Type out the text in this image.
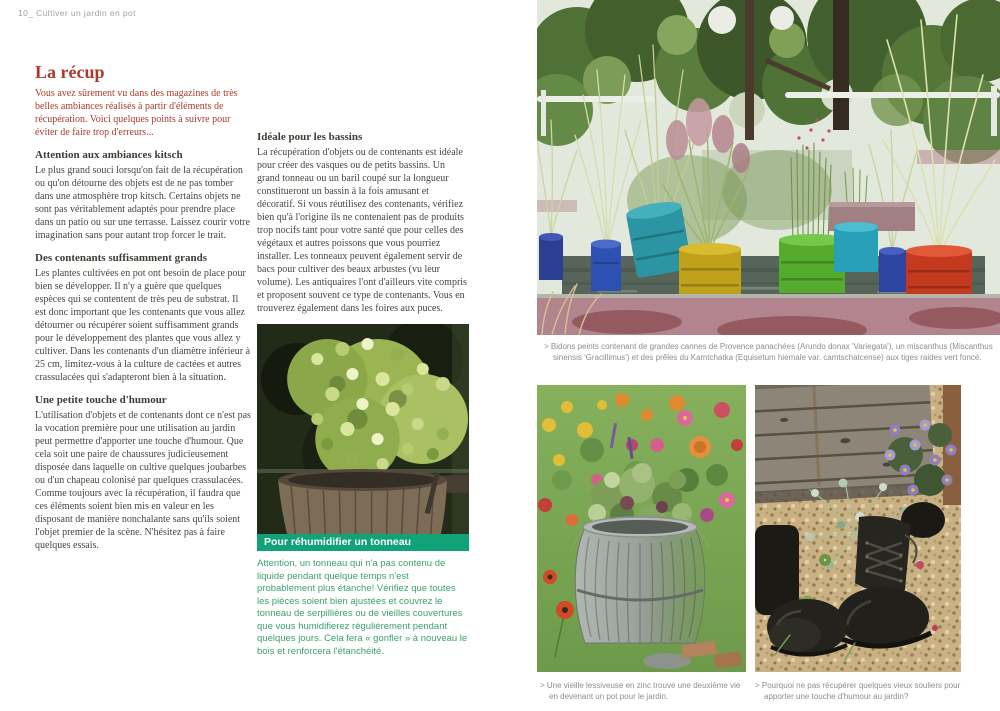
10_ Cultiver un jardin en pot
La récup

Vous avez sûrement vu dans des magazines de très belles ambiances réalisés à partir d'éléments de récupération. Voici quelques points à suivre pour éviter de faire trop d'erreurs...

Attention aux ambiances kitsch

Le plus grand souci lorsqu'on fait de la récupération ou qu'on détourne des objets est de ne pas tomber dans une atmosphère trop kitsch. Certains objets ne sont pas véritablement adaptés pour prendre place dans un patio ou sur une terrasse. Laissez courir votre imagination sans pour autant trop forcer le trait.

Des contenants suffisamment grands

Les plantes cultivées en pot ont besoin de place pour bien se développer. Il n'y a guère que quelques espèces qui se contentent de très peu de substrat. Il est donc important que les contenants que vous allez détourner ou récupérer soient suffisamment grands pour le développement des plantes que vous allez y cultiver. Dans les contenants d'un diamètre inférieur à 25 cm, limitez-vous à la culture de cactées et autres crassulacées qui s'adapteront bien à la situation.

Une petite touche d'humour

L'utilisation d'objets et de contenants dont ce n'est pas la vocation première pour une utilisation au jardin peut permettre d'apporter une touche d'humour. Que cela soit une paire de chaussures judicieusement disposée dans laquelle on cultive quelques joubarbes ou d'un chapeau colonisé par quelques crassulacées. Comme toujours avec la récupération, il faudra que ces éléments soient bien mis en valeur en les disposant de manière nonchalante sans qu'ils soient l'objet premier de la scène. N'hésitez pas à faire quelques essais.

Idéale pour les bassins

La récupération d'objets ou de contenants est idéale pour créer des vasques ou de petits bassins. Un grand tonneau ou un baril coupé sur la longueur constitueront un bassin à la fois amusant et décoratif. Si vous réutilisez des contenants, vérifiez bien qu'à l'origine ils ne contenaient pas de produits trop nocifs tant pour votre santé que pour celles des végétaux et autres poissons que vous pourriez installer. Les tonneaux peuvent également servir de bacs pour cultiver des beaux arbustes (vu leur volume). Les antiquaires l'ont d'ailleurs vite compris et proposent souvent ce type de contenants. Vous en trouverez également dans les foires aux puces.

Pour réhumidifier un tonneau

Attention, un tonneau qui n'a pas contenu de liquide pendant quelque temps n'est probablement plus étanche! Vérifiez que toutes les pièces soient bien ajustées et couvrez le tonneau de serpillières ou de vieilles couvertures que vous humidifierez régulièrement pendant quelques jours. Cela fera « gonfler » à nouveau le bois et renforcera l'étanchéité.

> Bidons peints contenant de grandes cannes de Provence panachées (Arundo donax 'Variegata'), un miscanthus (Miscanthus sinensis 'Gracillimus') et des prêles du Kamtchatka (Equisetum hiemale var. camtschatcense) aux tiges raides vert foncé.

> Une vieille lessiveuse en zinc trouve une deuxième vie en devenant un pot pour le jardin.

> Pourquoi ne pas récupérer quelques vieux souliers pour apporter une touche d'humour au jardin?
